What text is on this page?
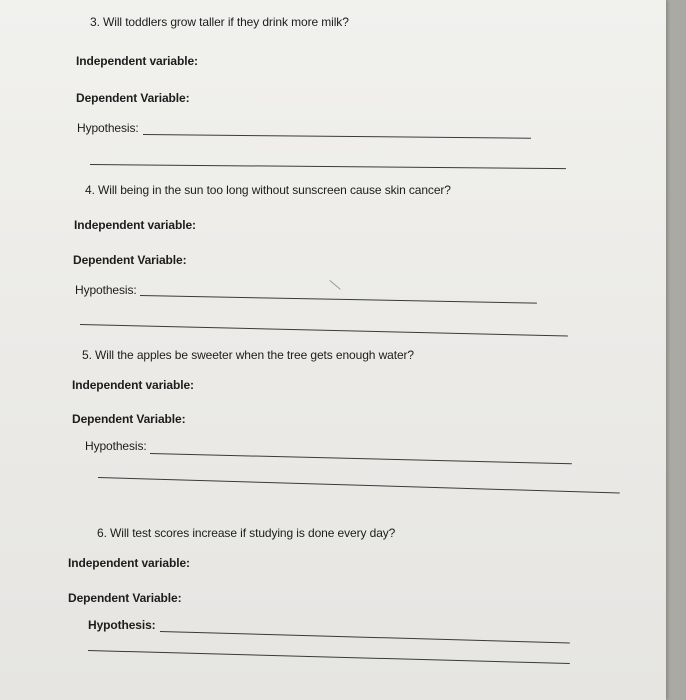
3. Will toddlers grow taller if they drink more milk?
Independent variable:
Dependent Variable:
Hypothesis:
4. Will being in the sun too long without sunscreen cause skin cancer?
Independent variable:
Dependent Variable:
Hypothesis:
5. Will the apples be sweeter when the tree gets enough water?
Independent variable:
Dependent Variable:
Hypothesis:
6. Will test scores increase if studying is done every day?
Independent variable:
Dependent Variable:
Hypothesis:
